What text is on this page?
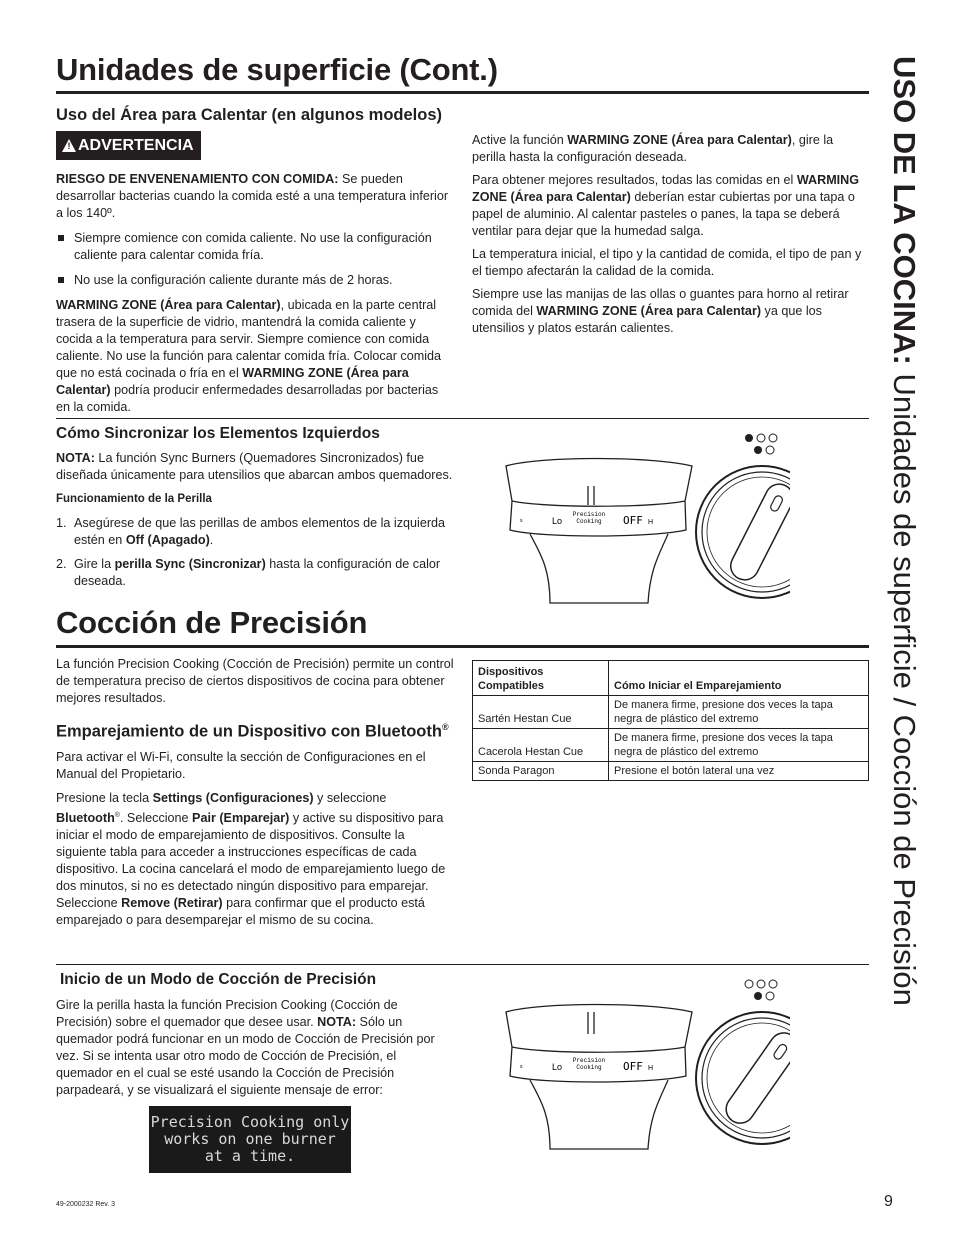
Unidades de superficie (Cont.)	USO DE LA COCINA: Unidades de superficie / Cocción de Precisión
Uso del Área para Calentar (en algunos modelos)
! ADVERTENCIA

RIESGO DE ENVENENAMIENTO CON COMIDA: Se pueden desarrollar bacterias cuando la comida esté a una temperatura inferior a los 140º.

Siempre comience con comida caliente. No use la configuración caliente para calentar comida fría.

No use la configuración caliente durante más de 2 horas.

WARMING ZONE (Área para Calentar), ubicada en la parte central trasera de la superficie de vidrio, mantendrá la comida caliente y cocida a la temperatura para servir. Siempre comience con comida caliente. No use la función para calentar comida fría. Colocar comida que no está cocinada o fría en el WARMING ZONE (Área para Calentar) podría producir enfermedades desarrolladas por bacterias en la comida.

Active la función WARMING ZONE (Área para Calentar), gire la perilla hasta la configuración deseada.

Para obtener mejores resultados, todas las comidas en el WARMING ZONE (Área para Calentar) deberían estar cubiertas por una tapa o papel de aluminio. Al calentar pasteles o panes, la tapa se deberá ventilar para dejar que la humedad salga.

La temperatura inicial, el tipo y la cantidad de comida, el tipo de pan y el tiempo afectarán la calidad de la comida.

Siempre use las manijas de las ollas o guantes para horno al retirar comida del WARMING ZONE (Área para Calentar) ya que los utensilios y platos estarán calientes.

Cómo Sincronizar los Elementos Izquierdos

NOTA: La función Sync Burners (Quemadores Sincronizados) fue diseñada únicamente para utensilios que abarcan ambos quemadores.

Funcionamiento de la Perilla

1. Asegúrese de que las perillas de ambos elementos de la izquierda estén en Off (Apagado).

2. Gire la perilla Sync (Sincronizar) hasta la configuración de calor deseada.

s	Lo
Precision
Cooking OFF H
Cocción de Precisión

La función Precision Cooking (Cocción de Precisión) permite un control de temperatura preciso de ciertos dispositivos de cocina para obtener mejores resultados.

Emparejamiento de un Dispositivo con Bluetooth®

Para activar el Wi-Fi, consulte la sección de Configuraciones en el Manual del Propietario.

Presione la tecla Settings (Configuraciones) y seleccione Bluetooth®. Seleccione Pair (Emparejar) y active su dispositivo para iniciar el modo de emparejamiento de dispositivos. Consulte la siguiente tabla para acceder a instrucciones específicas de cada dispositivo. La cocina cancelará el modo de emparejamiento luego de dos minutos, si no es detectado ningún dispositivo para emparejar. Seleccione Remove (Retirar) para confirmar que el producto está emparejado o para desemparejar el mismo de su cocina.

Dispositivos Compatibles	Cómo Iniciar el Emparejamiento
Sartén Hestan Cue	De manera firme, presione dos veces la tapa negra de plástico del extremo
Cacerola Hestan Cue	De manera firme, presione dos veces la tapa negra de plástico del extremo
Sonda Paragon	Presione el botón lateral una vez
Inicio de un Modo de Cocción de Precisión

Gire la perilla hasta la función Precision Cooking (Cocción de Precisión) sobre el quemador que desee usar. NOTA: Sólo un quemador podrá funcionar en un modo de Cocción de Precisión por vez. Si se intenta usar otro modo de Cocción de Precisión, el quemador en el cual se esté usando la Cocción de Precisión parpadeará, y se visualizará el siguiente mensaje de error:

Precision Cooking only
works on one burner
at a time.
s	Lo
Precision
Cooking OFF H
49-2000232 Rev. 3	9
